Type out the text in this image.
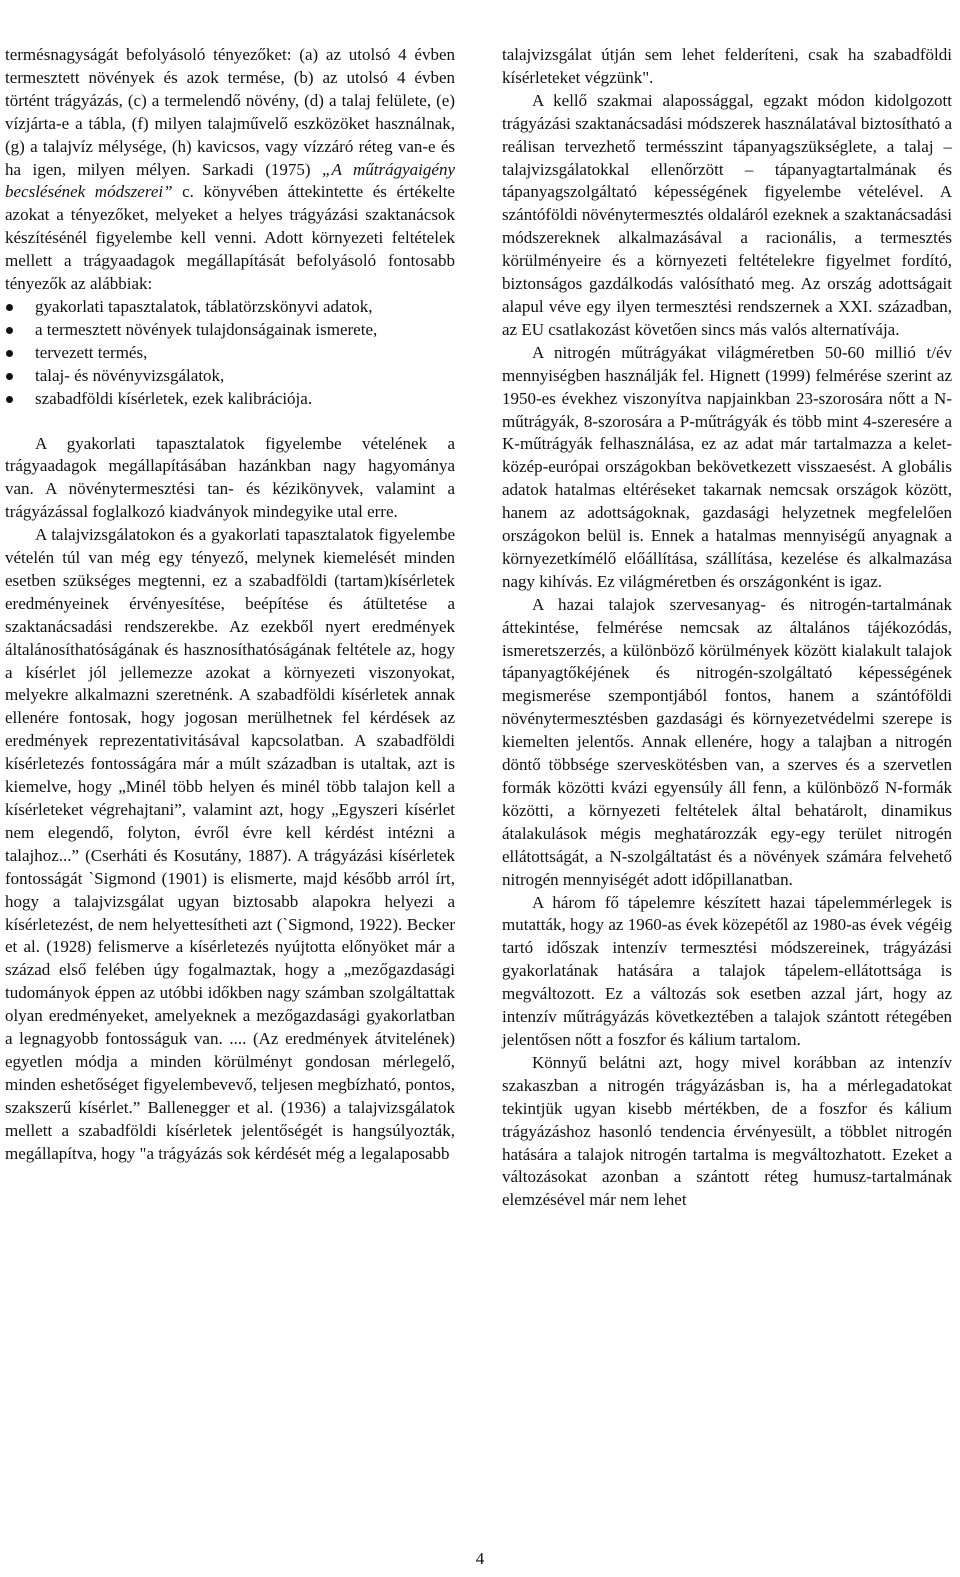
termésnagyságát befolyásoló tényezőket: (a) az utolsó 4 évben termesztett növények és azok termése, (b) az utolsó 4 évben történt trágyázás, (c) a termelendő növény, (d) a talaj felülete, (e) vízjárta-e a tábla, (f) milyen talajművelő eszközöket használnak, (g) a talajvíz mélysége, (h) kavicsos, vagy vízzáró réteg van-e és ha igen, milyen mélyen. Sarkadi (1975) „A műtrágyaigény becslésének módszerei” c. könyvében áttekintette és értékelte azokat a tényezőket, melyeket a helyes trágyázási szaktanácsok készítésénél figyelembe kell venni. Adott környezeti feltételek mellett a trágyaadagok megállapítását befolyásoló fontosabb tényezők az alábbiak:

gyakorlati tapasztalatok, táblatörzskönyvi adatok,
a termesztett növények tulajdonságainak ismerete,
tervezett termés,
talaj- és növényvizsgálatok,
szabadföldi kísérletek, ezek kalibrációja.

A gyakorlati tapasztalatok figyelembe vételének a trágyaadagok megállapításában hazánkban nagy hagyománya van. A növénytermesztési tan- és kézikönyvek, valamint a trágyázással foglalkozó kiadványok mindegyike utal erre.

A talajvizsgálatokon és a gyakorlati tapasztalatok figyelembe vételén túl van még egy tényező, melynek kiemelését minden esetben szükséges megtenni, ez a szabadföldi (tartam)kísérletek eredményeinek érvényesítése, beépítése és átültetése a szaktanácsadási rendszerekbe. Az ezekből nyert eredmények általánosíthatóságának és hasznosíthatóságának feltétele az, hogy a kísérlet jól jellemezze azokat a környezeti viszonyokat, melyekre alkalmazni szeretnénk. A szabadföldi kísérletek annak ellenére fontosak, hogy jogosan merülhetnek fel kérdések az eredmények reprezentativitásával kapcsolatban. A szabadföldi kísérletezés fontosságára már a múlt században is utaltak, azt is kiemelve, hogy „Minél több helyen és minél több talajon kell a kísérleteket végrehajtani”, valamint azt, hogy „Egyszeri kísérlet nem elegendő, folyton, évről évre kell kérdést intézni a talajhoz...” (Cserháti és Kosutány, 1887). A trágyázási kísérletek fontosságát `Sigmond (1901) is elismerte, majd később arról írt, hogy a talajvizsgálat ugyan biztosabb alapokra helyezi a kísérletezést, de nem helyettesítheti azt (`Sigmond, 1922). Becker et al. (1928) felismerve a kísérletezés nyújtotta előnyöket már a század első felében úgy fogalmaztak, hogy a „mezőgazdasági tudományok éppen az utóbbi időkben nagy számban szolgáltattak olyan eredményeket, amelyeknek a mezőgazdasági gyakorlatban a legnagyobb fontosságuk van. .... (Az eredmények átvitelének) egyetlen módja a minden körülményt gondosan mérlegelő, minden eshetőséget figyelembevevő, teljesen megbízható, pontos, szakszerű kísérlet.” Ballenegger et al. (1936) a talajvizsgálatok mellett a szabadföldi kísérletek jelentőségét is hangsúlyozták, megállapítva, hogy "a trágyázás sok kérdését még a legalaposabb

talajvizsgálat útján sem lehet felderíteni, csak ha szabadföldi kísérleteket végzünk".

A kellő szakmai alapossággal, egzakt módon kidolgozott trágyázási szaktanácsadási módszerek használatával biztosítható a reálisan tervezhető termésszint tápanyagszükséglete, a talaj – talajvizsgálatokkal ellenőrzött – tápanyagtartalmának és tápanyagszolgáltató képességének figyelembe vételével. A szántóföldi növénytermesztés oldaláról ezeknek a szaktanácsadási módszereknek alkalmazásával a racionális, a termesztés körülményeire és a környezeti feltételekre figyelmet fordító, biztonságos gazdálkodás valósítható meg. Az ország adottságait alapul véve egy ilyen termesztési rendszernek a XXI. században, az EU csatlakozást követően sincs más valós alternatívája.

A nitrogén műtrágyákat világméretben 50-60 millió t/év mennyiségben használják fel. Hignett (1999) felmérése szerint az 1950-es évekhez viszonyítva napjainkban 23-szorosára nőtt a N-műtrágyák, 8-szorosára a P-műtrágyák és több mint 4-szeresére a K-műtrágyák felhasználása, ez az adat már tartalmazza a kelet-közép-európai országokban bekövetkezett visszaesést. A globális adatok hatalmas eltéréseket takarnak nemcsak országok között, hanem az adottságoknak, gazdasági helyzetnek megfelelően országokon belül is. Ennek a hatalmas mennyiségű anyagnak a környezetkímélő előállítása, szállítása, kezelése és alkalmazása nagy kihívás. Ez világméretben és országonként is igaz.

A hazai talajok szervesanyag- és nitrogén-tartalmának áttekintése, felmérése nemcsak az általános tájékozódás, ismeretszerzés, a különböző körülmények között kialakult talajok tápanyagtőkéjének és nitrogén-szolgáltató képességének megismerése szempontjából fontos, hanem a szántóföldi növénytermesztésben gazdasági és környezetvédelmi szerepe is kiemelten jelentős. Annak ellenére, hogy a talajban a nitrogén döntő többsége szerveskötésben van, a szerves és a szervetlen formák közötti kvázi egyensúly áll fenn, a különböző N-formák közötti, a környezeti feltételek által behatárolt, dinamikus átalakulások mégis meghatározzák egy-egy terület nitrogén ellátottságát, a N-szolgáltatást és a növények számára felvehető nitrogén mennyiségét adott időpillanatban.

A három fő tápelemre készített hazai tápelemmérlegek is mutatták, hogy az 1960-as évek közepétől az 1980-as évek végéig tartó időszak intenzív termesztési módszereinek, trágyázási gyakorlatának hatására a talajok tápelem-ellátottsága is megváltozott. Ez a változás sok esetben azzal járt, hogy az intenzív műtrágyázás következtében a talajok szántott rétegében jelentősen nőtt a foszfor és kálium tartalom.

Könnyű belátni azt, hogy mivel korábban az intenzív szakaszban a nitrogén trágyázásban is, ha a mérlegadatokat tekintjük ugyan kisebb mértékben, de a foszfor és kálium trágyázáshoz hasonló tendencia érvényesült, a többlet nitrogén hatására a talajok nitrogén tartalma is megváltozhatott. Ezeket a változásokat azonban a szántott réteg humusz-tartalmának elemzésével már nem lehet

4
